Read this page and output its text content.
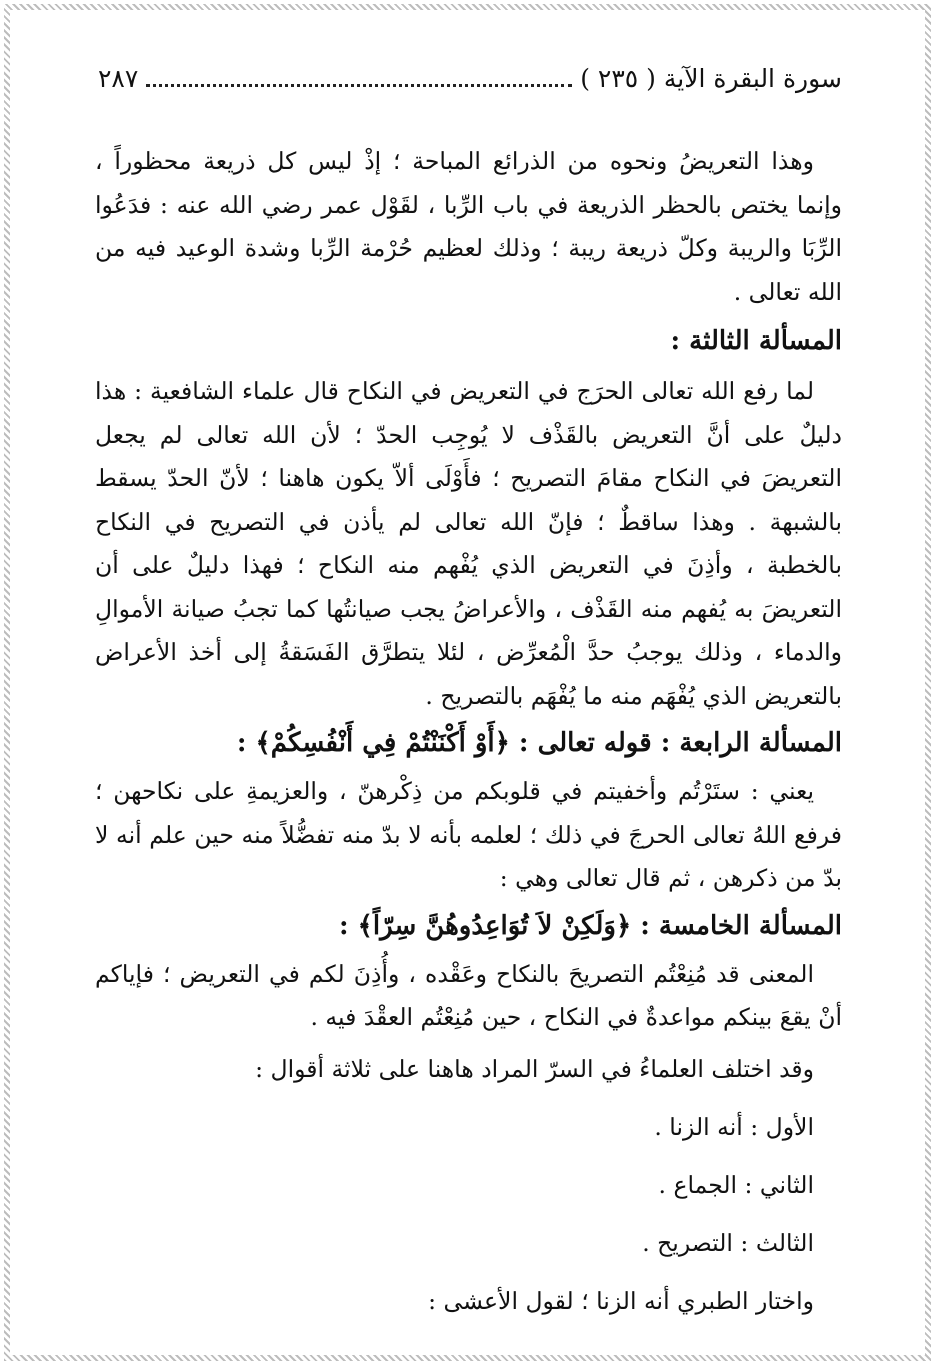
سورة البقرة الآية ( ٢٣٥ )
٢٨٧

وهذا التعريضُ ونحوه من الذرائع المباحة ؛ إذْ ليس كل ذريعة محظوراً ، وإنما يختص بالحظر الذريعة في باب الرِّبا ، لقَوْل عمر رضي الله عنه : فدَعُوا الرِّبَا والريبة وكلّ ذريعة ريبة ؛ وذلك لعظيم حُرْمة الرِّبا وشدة الوعيد فيه من الله تعالى .

المسألة الثالثة :

لما رفع الله تعالى الحرَج في التعريض في النكاح قال علماء الشافعية : هذا دليلٌ على أنَّ التعريض بالقَذْف لا يُوجِب الحدّ ؛ لأن الله تعالى لم يجعل التعريضَ في النكاح مقامَ التصريح ؛ فأَوْلَى ألاّ يكون هاهنا ؛ لأنّ الحدّ يسقط بالشبهة . وهذا ساقطٌ ؛ فإنّ الله تعالى لم يأذن في التصريح في النكاح بالخطبة ، وأذِنَ في التعريض الذي يُفْهم منه النكاح ؛ فهذا دليلٌ على أن التعريضَ به يُفهم منه القَذْف ، والأعراضُ يجب صيانتُها كما تجبُ صيانة الأموالِ والدماء ، وذلك يوجبُ حدَّ الْمُعرِّض ، لئلا يتطرَّق الفَسَقةُ إلى أخذ الأعراض بالتعريض الذي يُفْهَم منه ما يُفْهَم بالتصريح .

المسألة الرابعة : قوله تعالى : ﴿أَوْ أَكْنَنْتُمْ فِي أَنْفُسِكُمْ﴾ :

يعني : ستَرْتُم وأخفيتم في قلوبكم من ذِكْرهنّ ، والعزيمةِ على نكاحهن ؛ فرفع اللهُ تعالى الحرجَ في ذلك ؛ لعلمه بأنه لا بدّ منه تفضُّلاً منه حين علم أنه لا بدّ من ذكرهن ، ثم قال تعالى وهي :

المسألة الخامسة : ﴿وَلَكِنْ لاَ تُوَاعِدُوهُنَّ سِرّاً﴾ :

المعنى قد مُنِعْتُم التصريحَ بالنكاح وعَقْده ، وأُذِنَ لكم في التعريض ؛ فإياكم أنْ يقعَ بينكم مواعدةٌ في النكاح ، حين مُنِعْتُم العقْدَ فيه .

وقد اختلف العلماءُ في السرّ المراد هاهنا على ثلاثة أقوال :

الأول : أنه الزنا .

الثاني : الجماع .

الثالث : التصريح .

واختار الطبري أنه الزنا ؛ لقول الأعشى :
